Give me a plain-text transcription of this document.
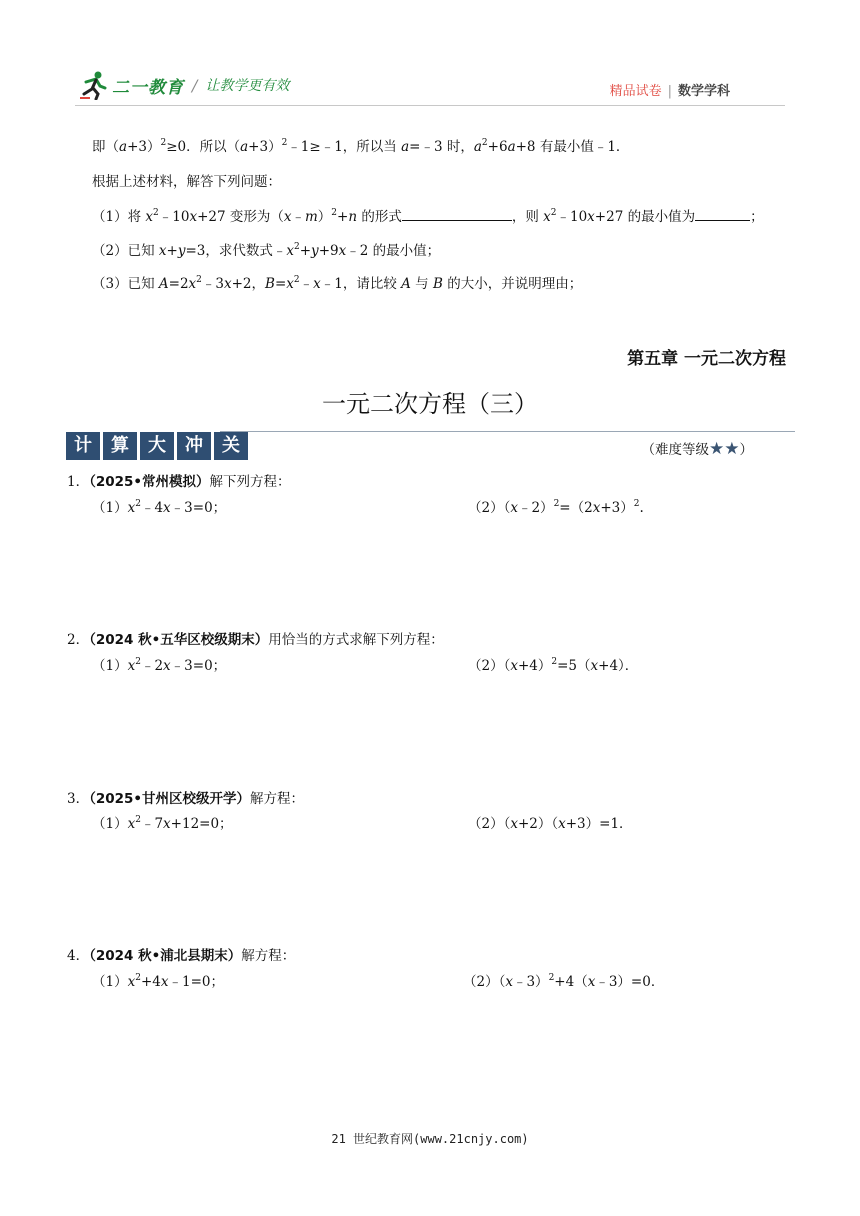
二一教育 / 让教学更有效	精品试卷 | 数学学科
即$(a+3)^2\ge 0$．所以$(a+3)^2﹣1\ge﹣1$，所以当 a=﹣3 时，$a^2+6a+8$ 有最小值﹣1．
根据上述材料，解答下列问题：
（1）将 $x^2﹣10x+27$ 变形为（x﹣m）$^2$+n 的形式	，则 $x^2﹣10x+27$ 的最小值为	；
（2）已知 x+y=3，求代数式$﹣x^2+y+9x﹣2$ 的最小值；
（3）已知 $A=2x^2﹣3x+2$，$B=x^2﹣x﹣1$，请比较 A 与 B 的大小，并说明理由；
第五章 一元二次方程
一元二次方程（三）
计	算	大	冲	关	（难度等级★★）
1．（2025•常州模拟）解下列方程：
$(1)x^2﹣4x﹣3=0$；	$(2)(x﹣2)^2=(2x+3)^2$.
2．（2024 秋•五华区校级期末）用恰当的方式求解下列方程：
$(1)x^2﹣2x﹣3=0$；	$(2)(x+4)^2=5(x+4)$．
3．（2025•甘州区校级开学）解方程：
$(1)x^2﹣7x+12=0$；	（2）（x+2）（x+3）=1．
4．（2024 秋•浦北县期末）解方程：
$(1)x^2+4x﹣1=0$；	（2）（x﹣3）$^2$+4（x﹣3）=0．
21 世纪教育网(www.21cnjy.com)
